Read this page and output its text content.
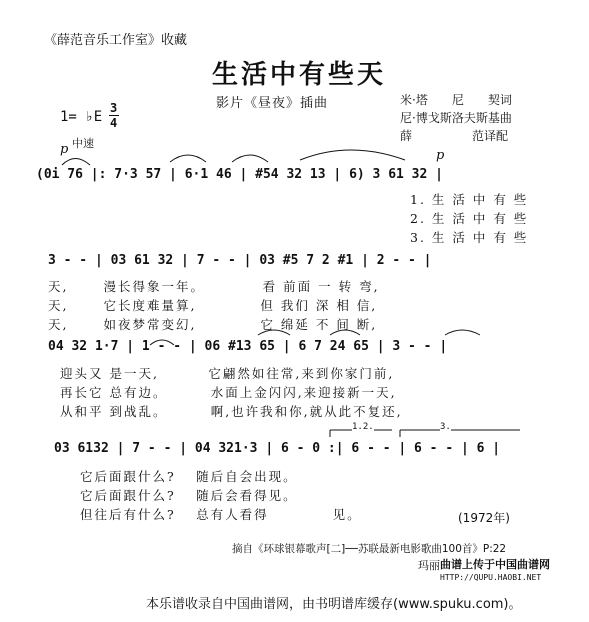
《薛范音乐工作室》收藏
生活中有些天
影片《昼夜》插曲	米·塔　　尼　　契词
尼·博戈斯洛夫斯基曲
薛　　　　　范译配
1= ♭E
3
4
p 中速
p
(0i 76 |: 7·3 57 | 6·1 46 | #54 32 13 | 6) 3 61 32 |
1. 生 活 中 有 些
2. 生 活 中 有 些
3. 生 活 中 有 些
3 - - | 03 61 32 | 7 - - | 03 #5 7 2 #1 | 2 - - |
天,　　 漫长得象一年。　　　　 看 前面 一 转 弯,
天,　　 它长度难量算,　　　　 但 我们 深 相 信,
天,　　 如夜梦常变幻,　　　　 它 绵延 不 间 断,
04 32 1·7 | 1 - - | 06 #13 65 | 6 7 24 65 | 3 - - |
迎头又 是一天,　　　 它翩然如往常,来到你家门前,
再长它 总有边。　　　 水面上金闪闪,来迎接新一天,
从和平 到战乱。　　　 啊,也许我和你,就从此不复还,
1.2.	3.
03 6132 | 7 - - | 04 321·3 | 6 - 0 :| 6 - - | 6 - - | 6 |
它后面跟什么?　 随后自会出现。
它后面跟什么?　 随后会看得见。
但往后有什么?　 总有人看得　　　　 见。	(1972年)
摘自《环球银幕歌声[二]──苏联最新电影歌曲100首》P:22
玛丽 曲谱上传于中国曲谱网
HTTP://QUPU.HAOBI.NET
本乐谱收录自中国曲谱网，由书明谱库缓存(www.spuku.com)。
